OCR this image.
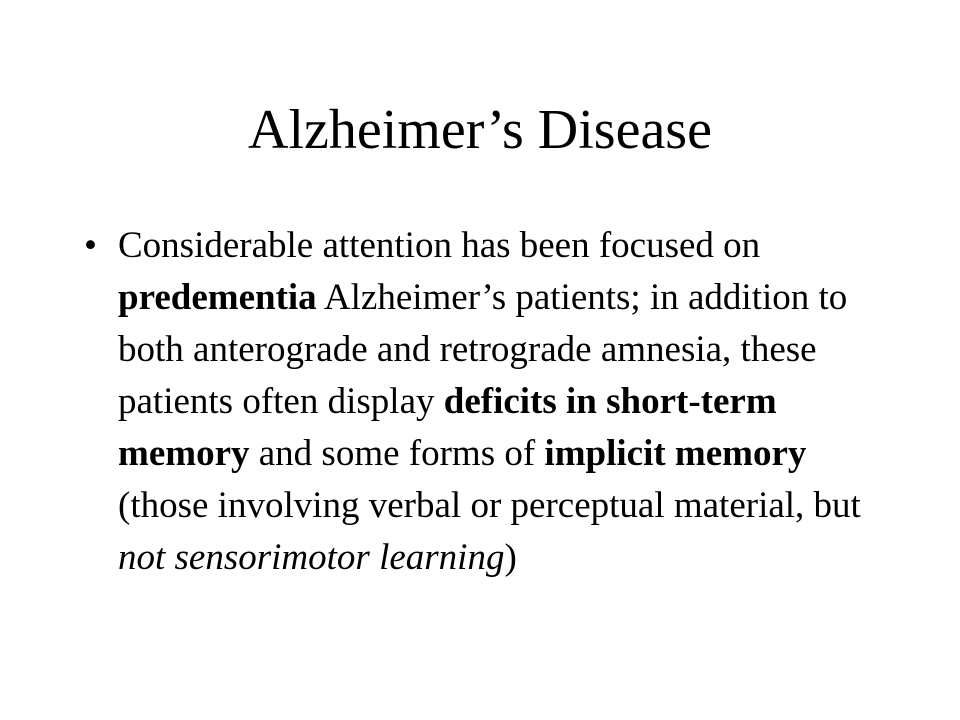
Alzheimer’s Disease
• Considerable attention has been focused on predementia Alzheimer’s patients; in addition to both anterograde and retrograde amnesia, these patients often display deficits in short-term memory and some forms of implicit memory (those involving verbal or perceptual material, but not sensorimotor learning)
